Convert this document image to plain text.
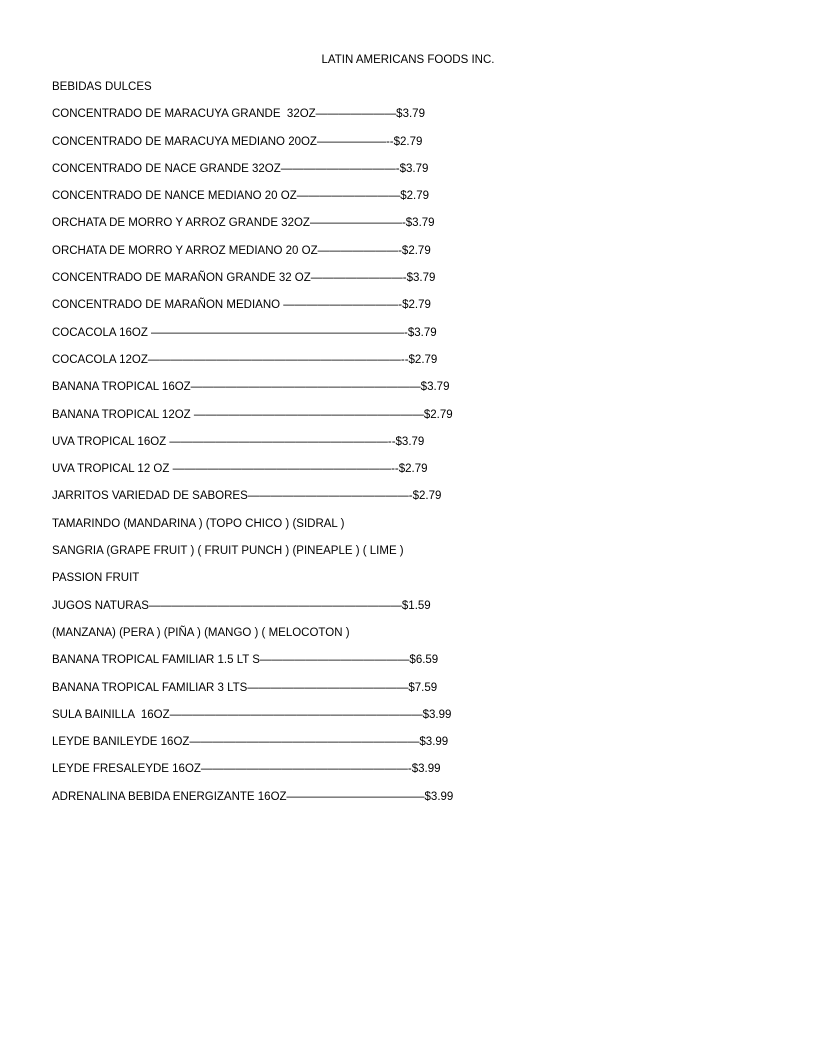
LATIN AMERICANS FOODS INC.
BEBIDAS DULCES
CONCENTRADO DE MARACUYA GRANDE  32OZ———————$3.79
CONCENTRADO DE MARACUYA MEDIANO 20OZ——————--$2.79
CONCENTRADO DE NACE GRANDE 32OZ——————————-$3.79
CONCENTRADO DE NANCE MEDIANO 20 OZ—————————$2.79
ORCHATA DE MORRO Y ARROZ GRANDE 32OZ————————-$3.79
ORCHATA DE MORRO Y ARROZ MEDIANO 20 OZ———————-$2.79
CONCENTRADO DE MARAÑON GRANDE 32 OZ————————-$3.79
CONCENTRADO DE MARAÑON MEDIANO ——————————-$2.79
COCACOLA 16OZ ——————————————————————-$3.79
COCACOLA 12OZ——————————————————————--$2.79
BANANA TROPICAL 16OZ————————————————————$3.79
BANANA TROPICAL 12OZ ————————————————————$2.79
UVA TROPICAL 16OZ ———————————————————--$3.79
UVA TROPICAL 12 OZ ———————————————————--$2.79
JARRITOS VARIEDAD DE SABORES——————————————-$2.79
TAMARINDO (MANDARINA ) (TOPO CHICO ) (SIDRAL )
SANGRIA (GRAPE FRUIT ) ( FRUIT PUNCH ) (PINEAPLE ) ( LIME )
PASSION FRUIT
JUGOS NATURAS——————————————————————$1.59
(MANZANA) (PERA ) (PIÑA ) (MANGO ) ( MELOCOTON )
BANANA TROPICAL FAMILIAR 1.5 LT S—————————————$6.59
BANANA TROPICAL FAMILIAR 3 LTS——————————————$7.59
SULA BAINILLA  16OZ——————————————————————$3.99
LEYDE BANILEYDE 16OZ————————————————————$3.99
LEYDE FRESALEYDE 16OZ——————————————————-$3.99
ADRENALINA BEBIDA ENERGIZANTE 16OZ————————————$3.99
